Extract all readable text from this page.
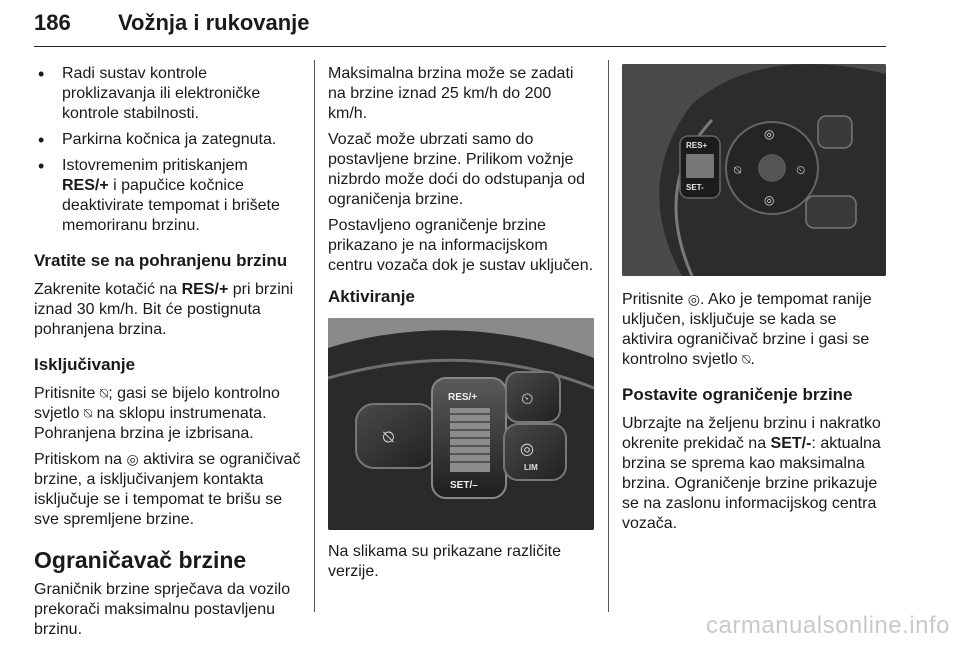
186 Vožnja i rukovanje
• Radi sustav kontrole proklizavanja ili elektroničke kontrole stabilnosti.
• Parkirna kočnica ja zategnuta.
• Istovremenim pritiskanjem
RES/+ i papučice kočnice deaktivirate tempomat i brišete memoriranu brzinu.
Vratite se na pohranjenu brzinu

Zakrenite kotačić na RES/+ pri brzini iznad 30 km/h. Bit će postignuta pohranjena brzina.

Isključivanje

Pritisnite ⍉; gasi se bijelo kontrolno svjetlo ⍉ na sklopu instrumenata. Pohranjena brzina je izbrisana.

Pritiskom na ◎ aktivira se ograničivač brzine, a isključivanjem kontakta isključuje se i tempomat te brišu se sve spremljene brzine.

Ograničavač brzine

Graničnik brzine sprječava da vozilo prekorači maksimalnu postavljenu brzinu.

Maksimalna brzina može se zadati na brzine iznad 25 km/h do 200 km/h.

Vozač može ubrzati samo do postavljene brzine. Prilikom vožnje nizbrdo može doći do odstupanja od ograničenja brzine.

Postavljeno ograničenje brzine prikazano je na informacijskom centru vozača dok je sustav uključen.

Aktiviranje
⍉
RES/+
SET/–
⏲
◎
LIM

Na slikama su prikazane različite verzije.

RES+
SET-
◎
⍉	⏲
◎

Pritisnite ◎. Ako je tempomat ranije uključen, isključuje se kada se aktivira ograničivač brzine i gasi se kontrolno svjetlo ⍉.

Postavite ograničenje brzine

Ubrzajte na željenu brzinu i nakratko okrenite prekidač na SET/-: aktualna brzina se sprema kao maksimalna brzina. Ograničenje brzine prikazuje se na zaslonu informacijskog centra vozača.

carmanualsonline.info
